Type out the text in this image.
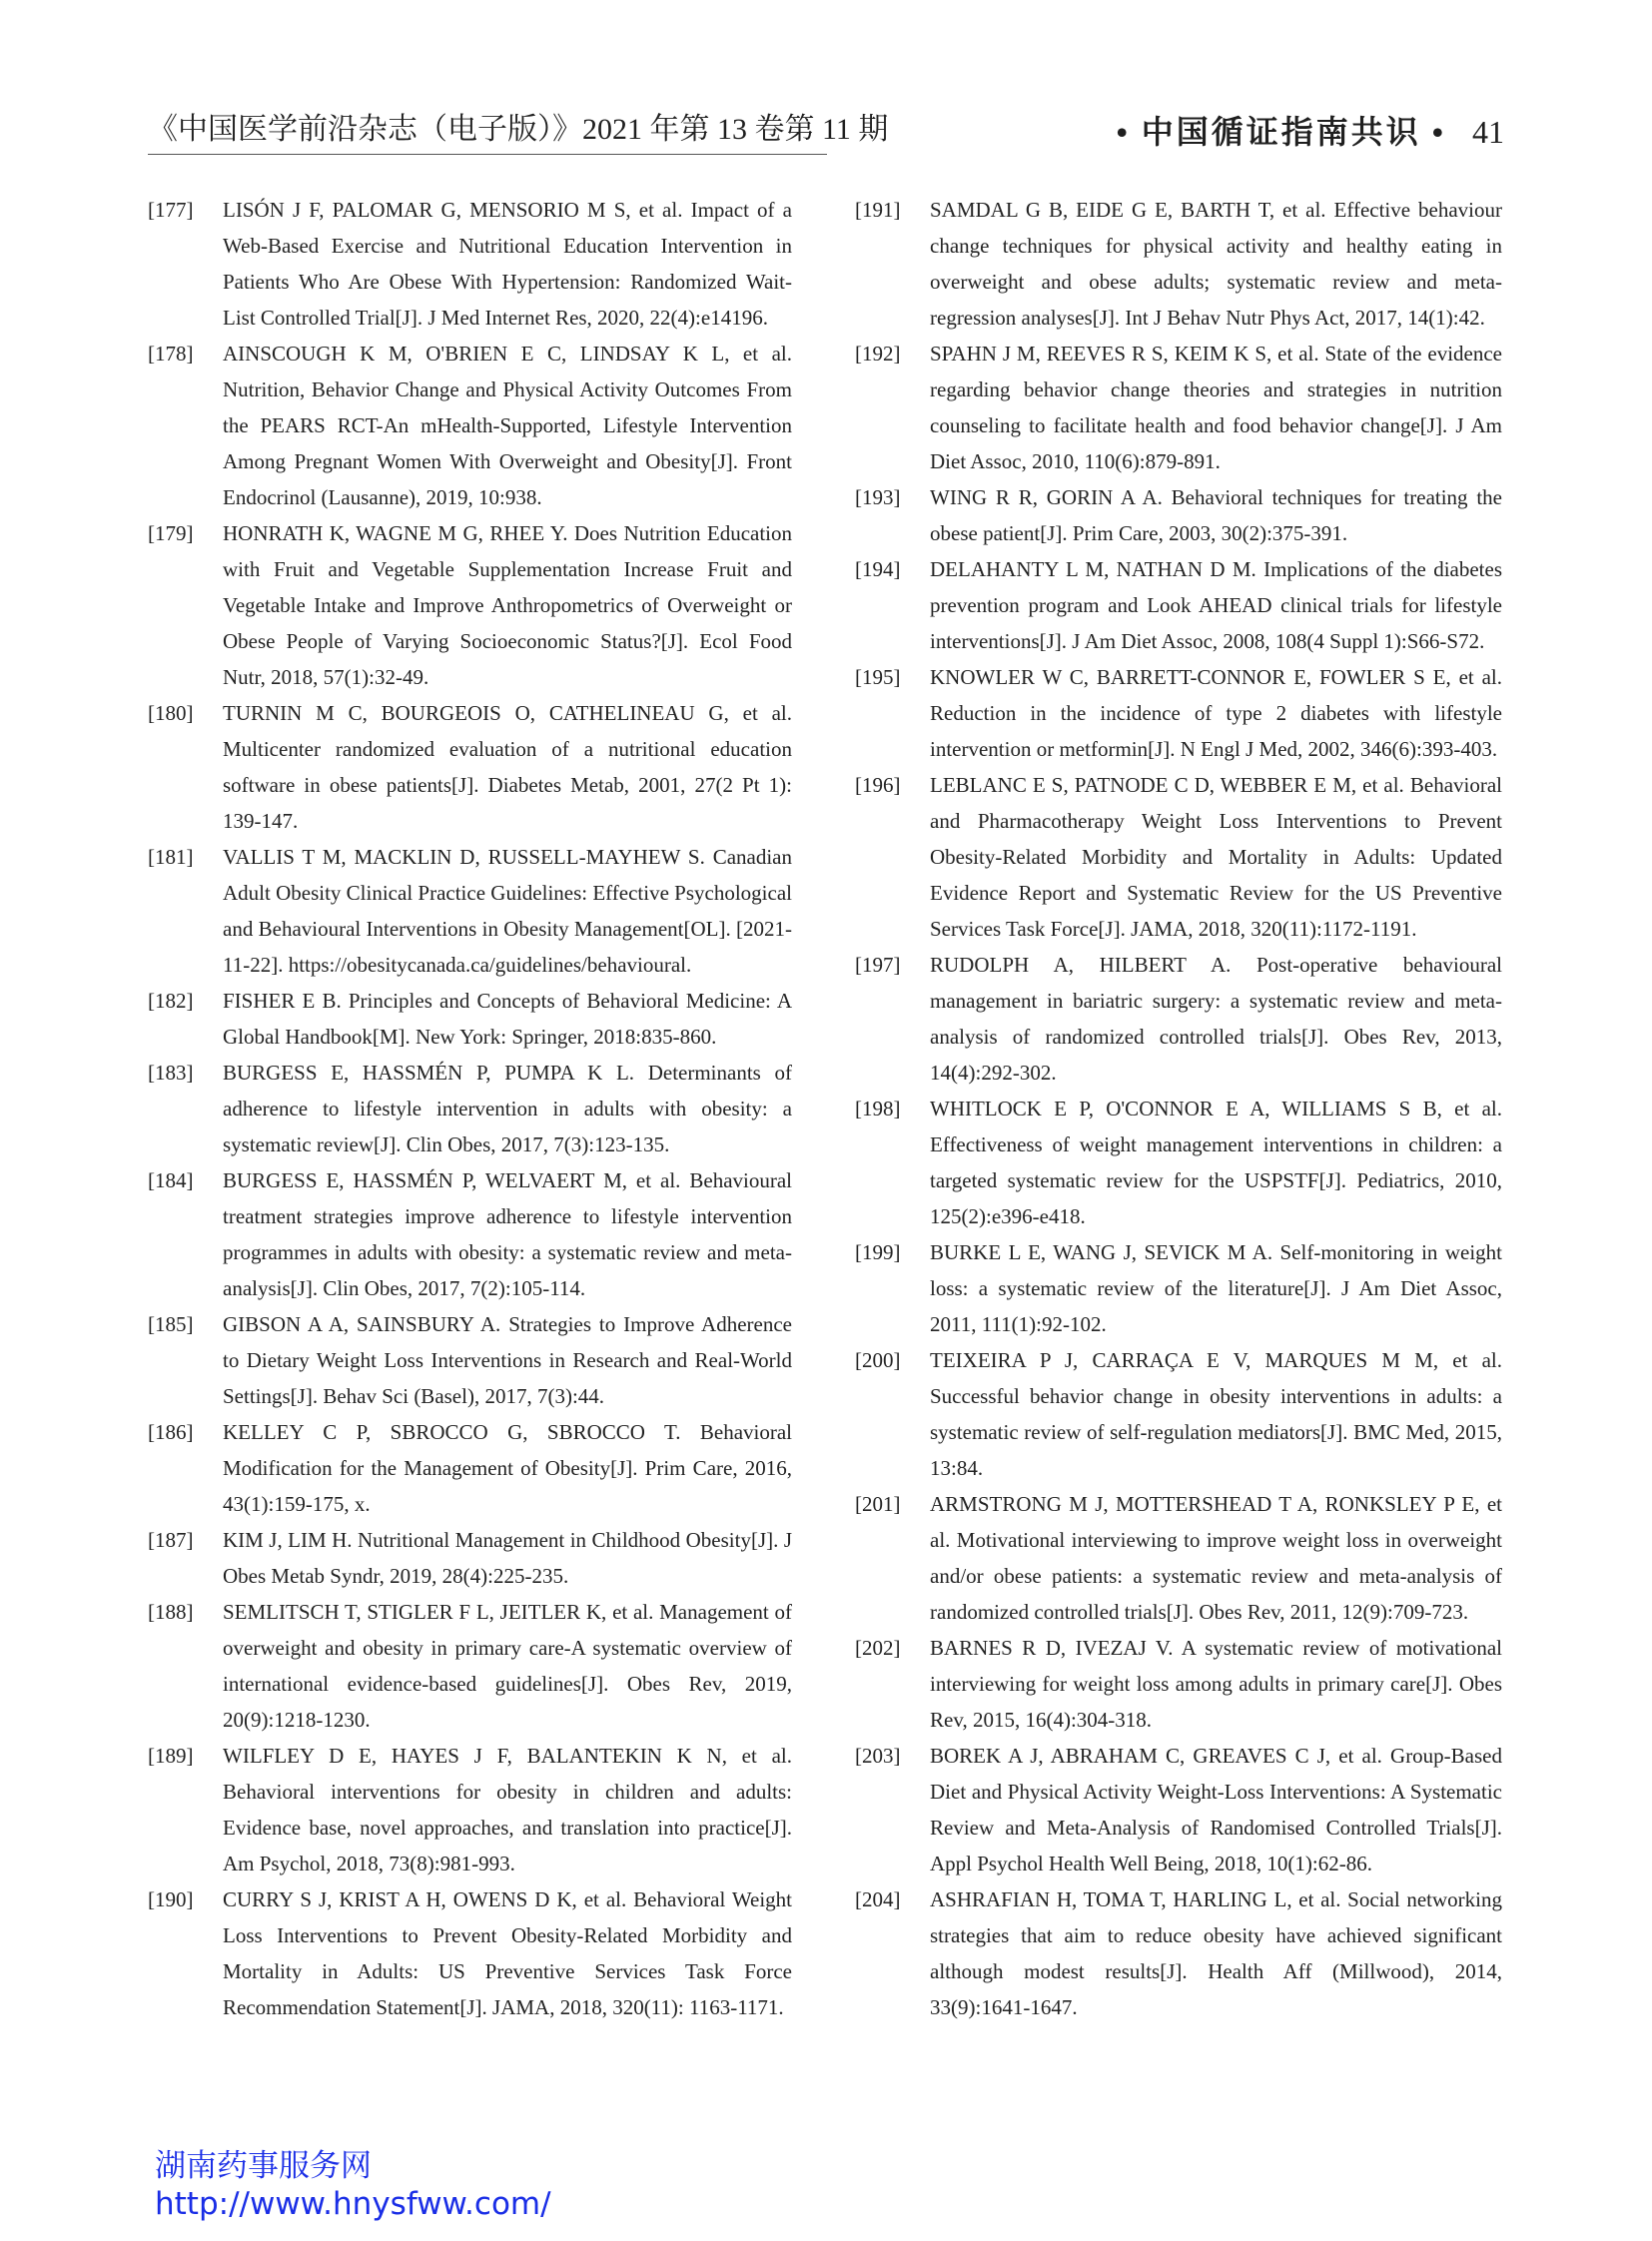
《中国医学前沿杂志（电子版）》2021 年第 13 卷第 11 期	• 中国循证指南共识 • 41
[177]	LISÓN J F, PALOMAR G, MENSORIO M S, et al. Impact of a Web-Based Exercise and Nutritional Education Intervention in Patients Who Are Obese With Hypertension: Randomized Wait-List Controlled Trial[J]. J Med Internet Res, 2020, 22(4):e14196.
[178]	AINSCOUGH K M, O'BRIEN E C, LINDSAY K L, et al. Nutrition, Behavior Change and Physical Activity Outcomes From the PEARS RCT-An mHealth-Supported, Lifestyle Intervention Among Pregnant Women With Overweight and Obesity[J]. Front Endocrinol (Lausanne), 2019, 10:938.
[179]	HONRATH K, WAGNE M G, RHEE Y. Does Nutrition Education with Fruit and Vegetable Supplementation Increase Fruit and Vegetable Intake and Improve Anthropometrics of Overweight or Obese People of Varying Socioeconomic Status?[J]. Ecol Food Nutr, 2018, 57(1):32-49.
[180]	TURNIN M C, BOURGEOIS O, CATHELINEAU G, et al. Multicenter randomized evaluation of a nutritional education software in obese patients[J]. Diabetes Metab, 2001, 27(2 Pt 1): 139-147.
[181]	VALLIS T M, MACKLIN D, RUSSELL-MAYHEW S. Canadian Adult Obesity Clinical Practice Guidelines: Effective Psychological and Behavioural Interventions in Obesity Management[OL]. [2021-11-22]. https://obesitycanada.ca/guidelines/behavioural.
[182]	FISHER E B. Principles and Concepts of Behavioral Medicine: A Global Handbook[M]. New York: Springer, 2018:835-860.
[183]	BURGESS E, HASSMÉN P, PUMPA K L. Determinants of adherence to lifestyle intervention in adults with obesity: a systematic review[J]. Clin Obes, 2017, 7(3):123-135.
[184]	BURGESS E, HASSMÉN P, WELVAERT M, et al. Behavioural treatment strategies improve adherence to lifestyle intervention programmes in adults with obesity: a systematic review and meta-analysis[J]. Clin Obes, 2017, 7(2):105-114.
[185]	GIBSON A A, SAINSBURY A. Strategies to Improve Adherence to Dietary Weight Loss Interventions in Research and Real-World Settings[J]. Behav Sci (Basel), 2017, 7(3):44.
[186]	KELLEY C P, SBROCCO G, SBROCCO T. Behavioral Modification for the Management of Obesity[J]. Prim Care, 2016, 43(1):159-175, x.
[187]	KIM J, LIM H. Nutritional Management in Childhood Obesity[J]. J Obes Metab Syndr, 2019, 28(4):225-235.
[188]	SEMLITSCH T, STIGLER F L, JEITLER K, et al. Management of overweight and obesity in primary care-A systematic overview of international evidence-based guidelines[J]. Obes Rev, 2019, 20(9):1218-1230.
[189]	WILFLEY D E, HAYES J F, BALANTEKIN K N, et al. Behavioral interventions for obesity in children and adults: Evidence base, novel approaches, and translation into practice[J]. Am Psychol, 2018, 73(8):981-993.
[190]	CURRY S J, KRIST A H, OWENS D K, et al. Behavioral Weight Loss Interventions to Prevent Obesity-Related Morbidity and Mortality in Adults: US Preventive Services Task Force Recommendation Statement[J]. JAMA, 2018, 320(11): 1163-1171.
[191]	SAMDAL G B, EIDE G E, BARTH T, et al. Effective behaviour change techniques for physical activity and healthy eating in overweight and obese adults; systematic review and meta-regression analyses[J]. Int J Behav Nutr Phys Act, 2017, 14(1):42.
[192]	SPAHN J M, REEVES R S, KEIM K S, et al. State of the evidence regarding behavior change theories and strategies in nutrition counseling to facilitate health and food behavior change[J]. J Am Diet Assoc, 2010, 110(6):879-891.
[193]	WING R R, GORIN A A. Behavioral techniques for treating the obese patient[J]. Prim Care, 2003, 30(2):375-391.
[194]	DELAHANTY L M, NATHAN D M. Implications of the diabetes prevention program and Look AHEAD clinical trials for lifestyle interventions[J]. J Am Diet Assoc, 2008, 108(4 Suppl 1):S66-S72.
[195]	KNOWLER W C, BARRETT-CONNOR E, FOWLER S E, et al. Reduction in the incidence of type 2 diabetes with lifestyle intervention or metformin[J]. N Engl J Med, 2002, 346(6):393-403.
[196]	LEBLANC E S, PATNODE C D, WEBBER E M, et al. Behavioral and Pharmacotherapy Weight Loss Interventions to Prevent Obesity-Related Morbidity and Mortality in Adults: Updated Evidence Report and Systematic Review for the US Preventive Services Task Force[J]. JAMA, 2018, 320(11):1172-1191.
[197]	RUDOLPH A, HILBERT A. Post-operative behavioural management in bariatric surgery: a systematic review and meta-analysis of randomized controlled trials[J]. Obes Rev, 2013, 14(4):292-302.
[198]	WHITLOCK E P, O'CONNOR E A, WILLIAMS S B, et al. Effectiveness of weight management interventions in children: a targeted systematic review for the USPSTF[J]. Pediatrics, 2010, 125(2):e396-e418.
[199]	BURKE L E, WANG J, SEVICK M A. Self-monitoring in weight loss: a systematic review of the literature[J]. J Am Diet Assoc, 2011, 111(1):92-102.
[200]	TEIXEIRA P J, CARRAÇA E V, MARQUES M M, et al. Successful behavior change in obesity interventions in adults: a systematic review of self-regulation mediators[J]. BMC Med, 2015, 13:84.
[201]	ARMSTRONG M J, MOTTERSHEAD T A, RONKSLEY P E, et al. Motivational interviewing to improve weight loss in overweight and/or obese patients: a systematic review and meta-analysis of randomized controlled trials[J]. Obes Rev, 2011, 12(9):709-723.
[202]	BARNES R D, IVEZAJ V. A systematic review of motivational interviewing for weight loss among adults in primary care[J]. Obes Rev, 2015, 16(4):304-318.
[203]	BOREK A J, ABRAHAM C, GREAVES C J, et al. Group-Based Diet and Physical Activity Weight-Loss Interventions: A Systematic Review and Meta-Analysis of Randomised Controlled Trials[J]. Appl Psychol Health Well Being, 2018, 10(1):62-86.
[204]	ASHRAFIAN H, TOMA T, HARLING L, et al. Social networking strategies that aim to reduce obesity have achieved significant although modest results[J]. Health Aff (Millwood), 2014, 33(9):1641-1647.
湖南药事服务网
http://www.hnysfww.com/
